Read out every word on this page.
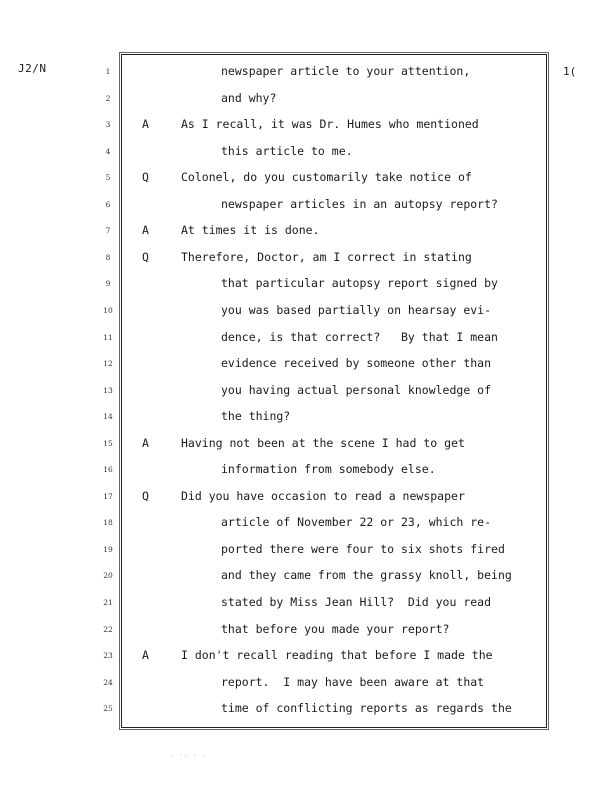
J2/N	1(
1	newspaper article to your attention,
2	and why?
3	A	As I recall, it was Dr. Humes who mentioned
4	this article to me.
5	Q	Colonel, do you customarily take notice of
6	newspaper articles in an autopsy report?
7	A	At times it is done.
8	Q	Therefore, Doctor, am I correct in stating
9	that particular autopsy report signed by
10	you was based partially on hearsay evi-
11	dence, is that correct?   By that I mean
12	evidence received by someone other than
13	you having actual personal knowledge of
14	the thing?
15	A	Having not been at the scene I had to get
16	information from somebody else.
17	Q	Did you have occasion to read a newspaper
18	article of November 22 or 23, which re-
19	ported there were four to six shots fired
20	and they came from the grassy knoll, being
21	stated by Miss Jean Hill?  Did you read
22	that before you made your report?
23	A	I don't recall reading that before I made the
24	report.  I may have been aware at that
25	time of conflicting reports as regards the
· ·. · ·
